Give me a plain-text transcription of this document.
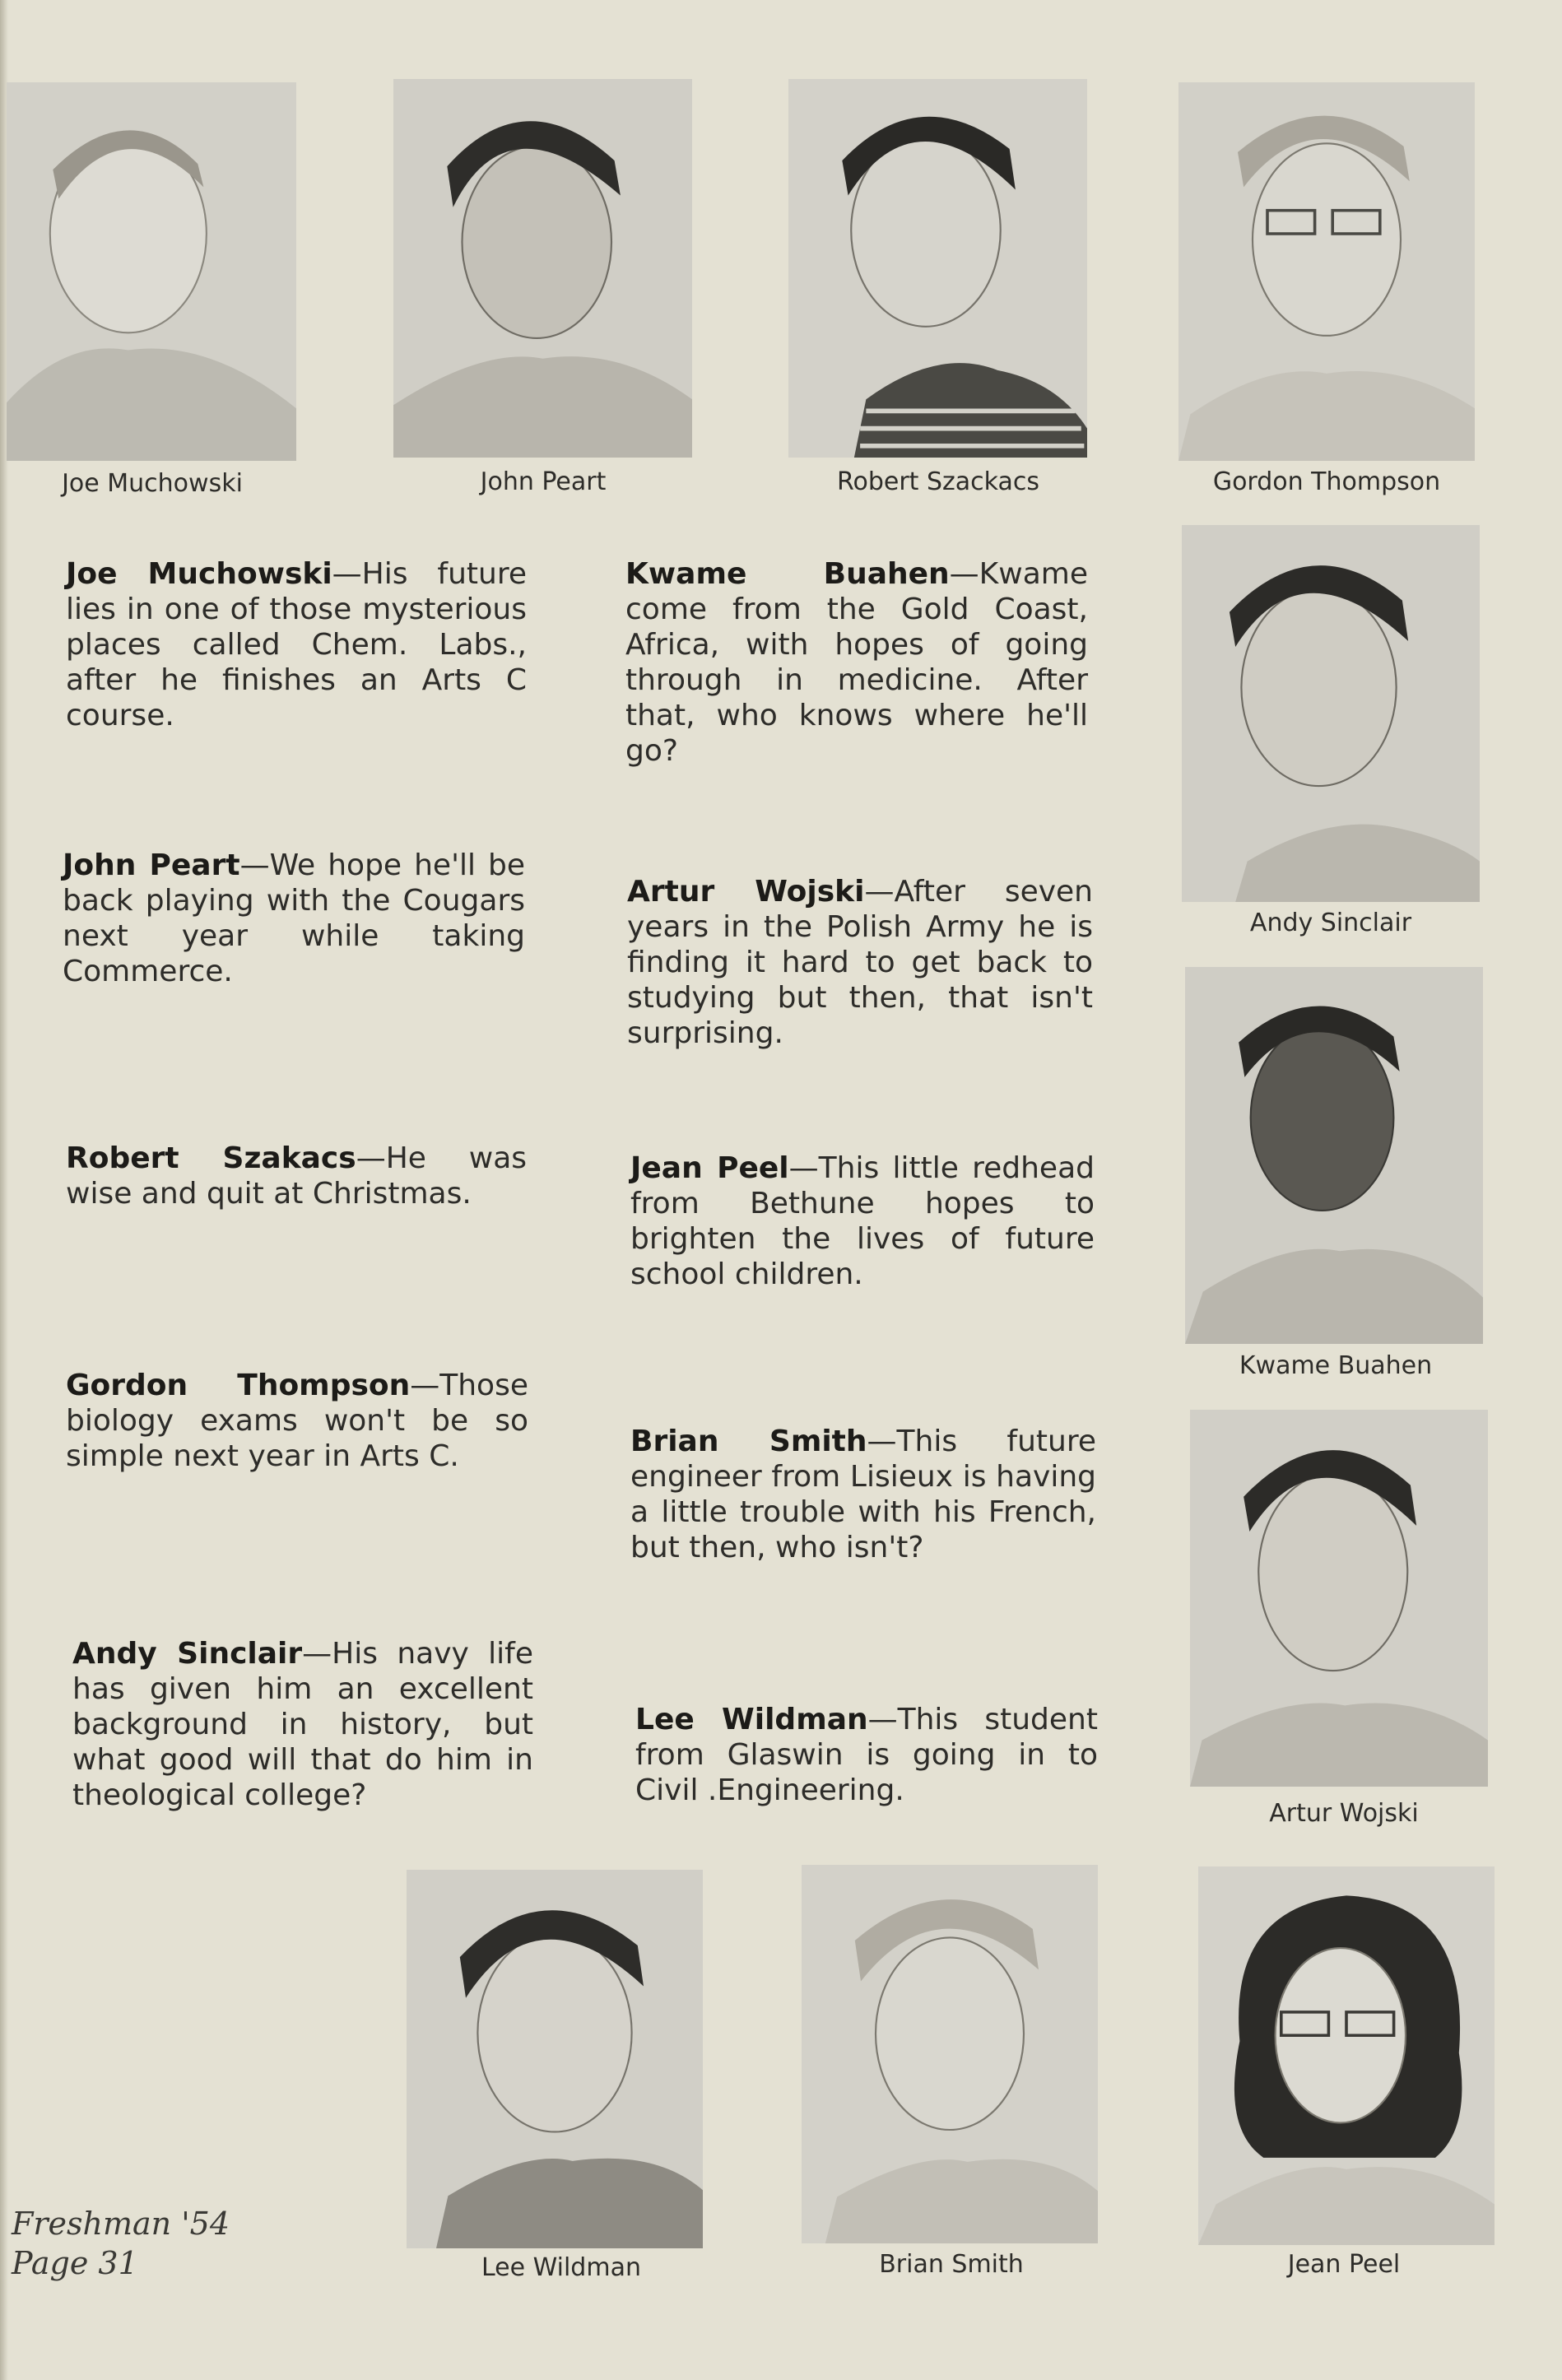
Joe Muchowski	John Peart	Robert Szackacs	Gordon Thompson
Andy Sinclair
Kwame Buahen
Artur Wojski
Lee Wildman	Brian Smith	Jean Peel

Joe Muchowski—His future lies in one of those mysterious places called Chem. Labs., after he finishes an Arts C course.

John Peart—We hope he'll be back playing with the Cougars next year while taking Commerce.

Robert Szakacs—He was wise and quit at Christmas.

Gordon Thompson—Those biology exams won't be so simple next year in Arts C.

Andy Sinclair—His navy life has given him an excellent background in history, but what good will that do him in theological college?

Kwame Buahen—Kwame come from the Gold Coast, Africa, with hopes of going through in medicine. After that, who knows where he'll go?

Artur Wojski—After seven years in the Polish Army he is finding it hard to get back to studying but then, that isn't surprising.

Jean Peel—This little redhead from Bethune hopes to brighten the lives of future school children.

Brian Smith—This future engineer from Lisieux is having a little trouble with his French, but then, who isn't?

Lee Wildman—This student from Glaswin is going in to Civil .Engineering.

Freshman '54
Page 31
